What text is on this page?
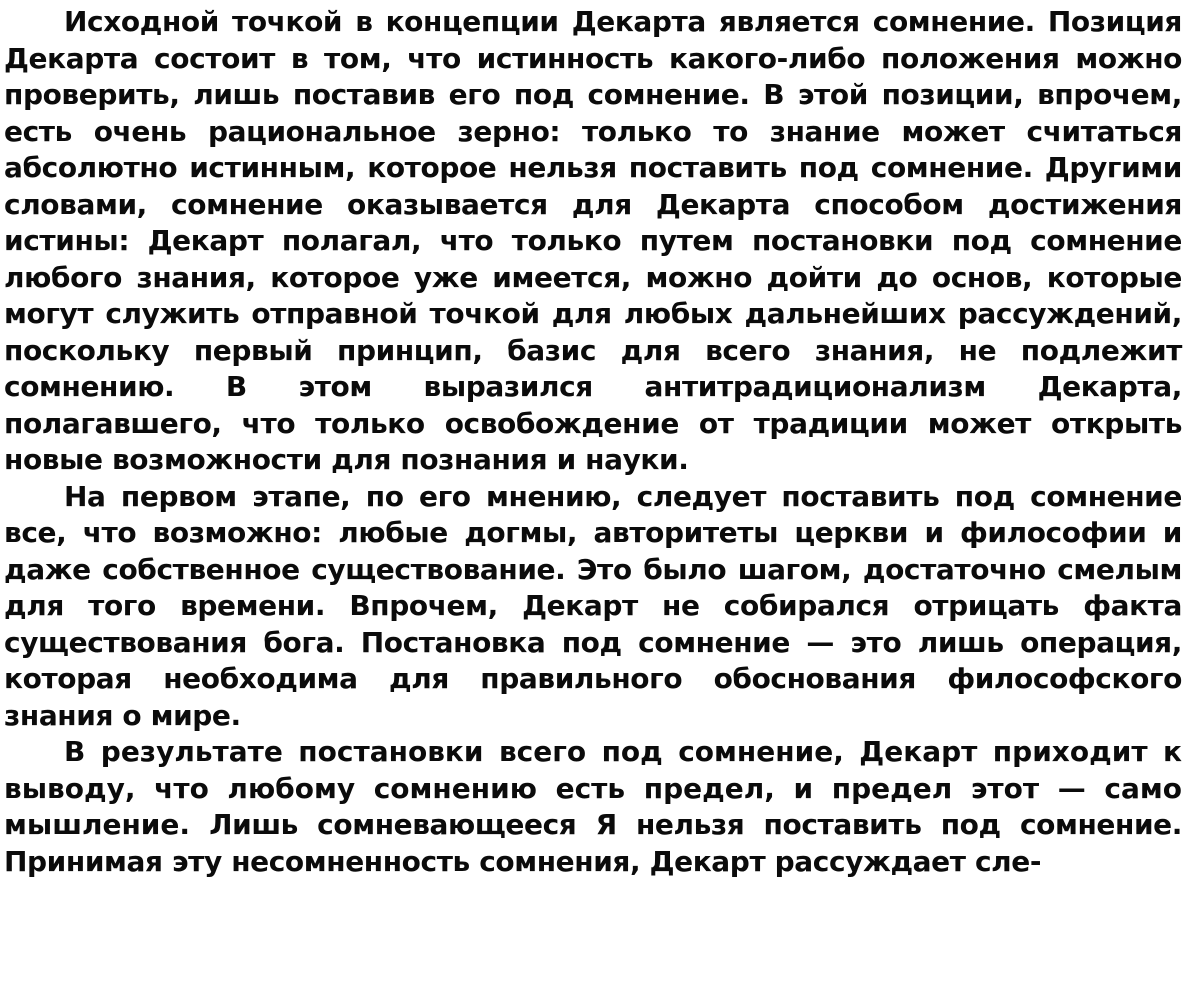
Исходной точкой в концепции Декарта является сомнение. Позиция Декарта состоит в том, что истинность какого-либо положения можно проверить, лишь поставив его под сомнение. В этой позиции, впрочем, есть очень рациональное зерно: только то знание может считаться абсолютно истинным, которое нельзя поставить под сомнение. Другими словами, сомнение оказывается для Декарта способом достижения истины: Декарт полагал, что только путем постановки под сомнение любого знания, которое уже имеется, можно дойти до основ, которые могут служить отправной точкой для любых дальнейших рассуждений, поскольку первый принцип, базис для всего знания, не подлежит сомнению. В этом выразился антитрадиционализм Декарта, полагавшего, что только освобождение от традиции может открыть новые возможности для познания и науки.

На первом этапе, по его мнению, следует поставить под сомнение все, что возможно: любые догмы, авторитеты церкви и философии и даже собственное существование. Это было шагом, достаточно смелым для того времени. Впрочем, Декарт не собирался отрицать факта существования бога. Постановка под сомнение — это лишь операция, которая необходима для правильного обоснования философского знания о мире.

В результате постановки всего под сомнение, Декарт приходит к выводу, что любому сомнению есть предел, и предел этот — само мышление. Лишь сомневающееся Я нельзя поставить под сомнение. Принимая эту несомненность сомнения, Декарт рассуждает сле-
